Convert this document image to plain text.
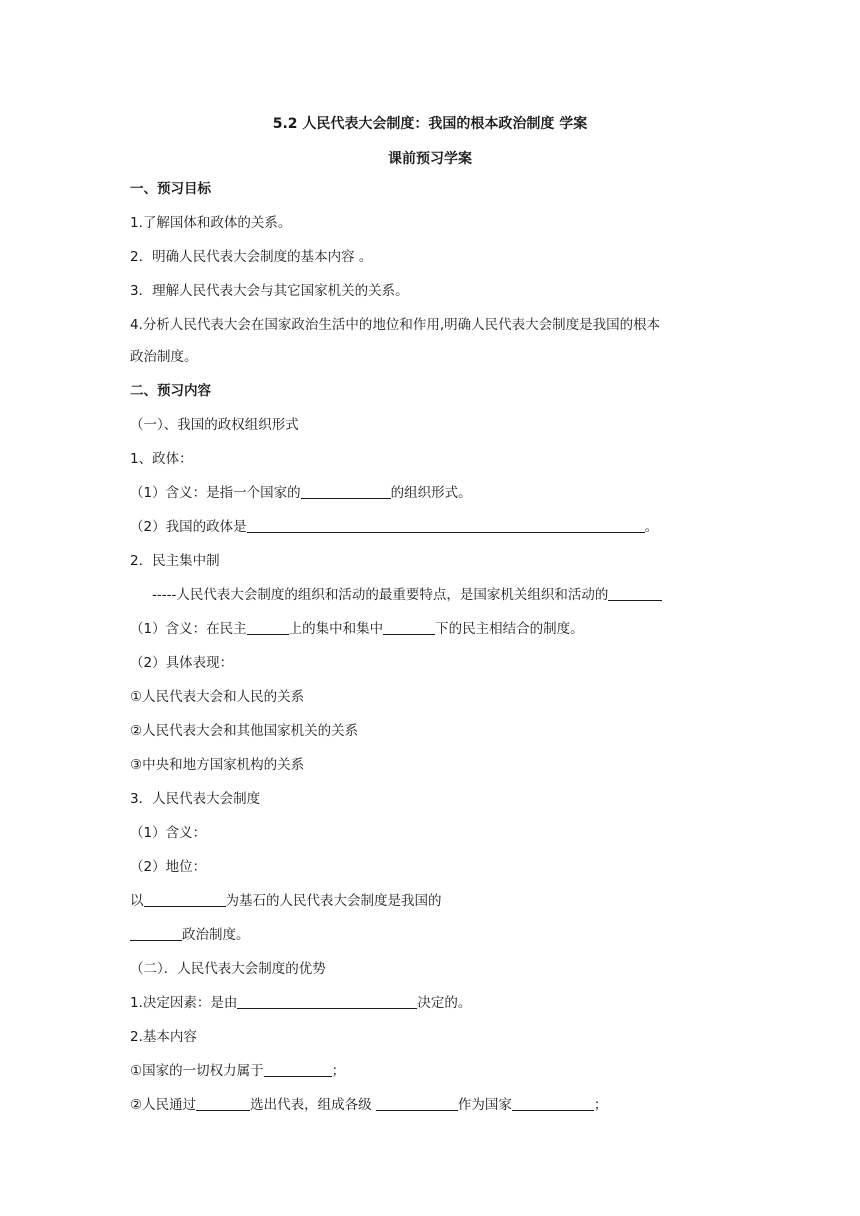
5.2 人民代表大会制度：我国的根本政治制度 学案
课前预习学案
一、预习目标
1.了解国体和政体的关系。
2．明确人民代表大会制度的基本内容 。
3．理解人民代表大会与其它国家机关的关系。
4.分析人民代表大会在国家政治生活中的地位和作用,明确人民代表大会制度是我国的根本
政治制度。
二、预习内容
（一）、我国的政权组织形式
1、政体：
（1）含义：是指一个国家的	的组织形式。
（2）我国的政体是	。
2．民主集中制
-----人民代表大会制度的组织和活动的最重要特点，是国家机关组织和活动的
（1）含义：在民主	上的集中和集中	下的民主相结合的制度。
（2）具体表现：
①人民代表大会和人民的关系
②人民代表大会和其他国家机关的关系
③中央和地方国家机构的关系
3．人民代表大会制度
（1）含义：
（2）地位：
以	为基石的人民代表大会制度是我国的
政治制度。
（二）．人民代表大会制度的优势
1.决定因素：是由	决定的。
2.基本内容
①国家的一切权力属于	；
②人民通过	选出代表，组成各级	作为国家	；
